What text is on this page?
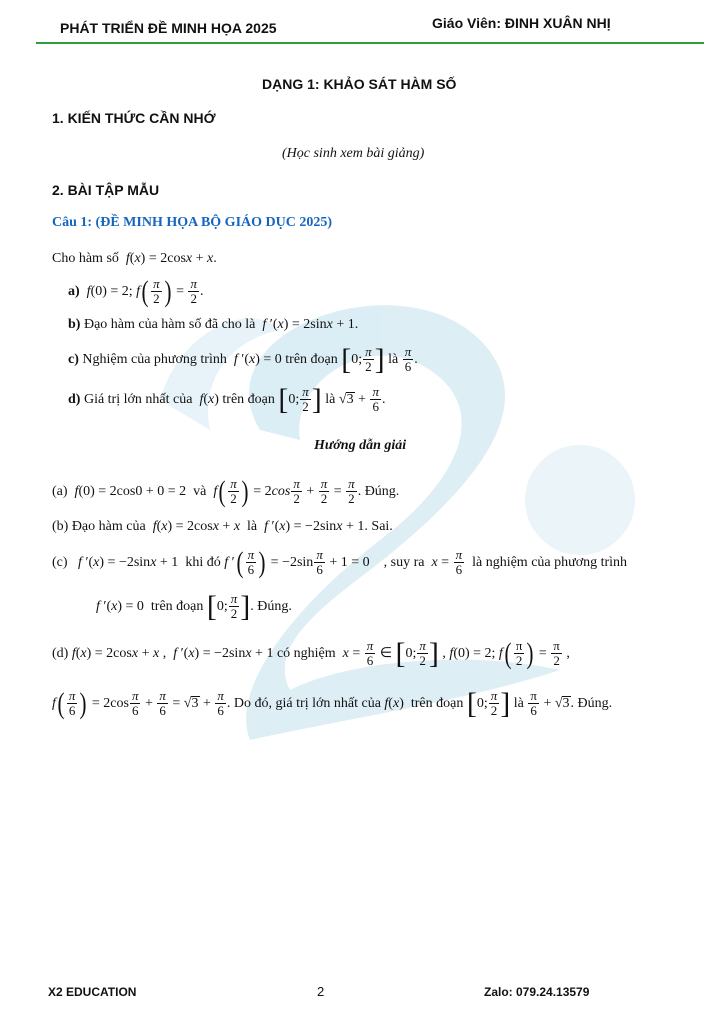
PHÁT TRIỂN ĐỀ MINH HỌA 2025	Giáo Viên: ĐINH XUÂN NHỊ
DẠNG 1: KHẢO SÁT HÀM SỐ
1. KIẾN THỨC CẦN NHỚ
(Học sinh xem bài giảng)
2. BÀI TẬP MẪU
Câu 1: (ĐỀ MINH HỌA BỘ GIÁO DỤC 2025)
Cho hàm số f(x) = 2cosx + x.
a) f(0) = 2; $f( \frac{\pi}{2}$ ) = $\frac{\pi}{2}$ .
b) Đạo hàm của hàm số đã cho là f ′(x) = 2sinx + 1.
c) Nghiệm của phương trình f ′(x) = 0 trên đoạn [0; $\frac{\pi}{2}$ ] là $\frac{\pi}{6}$ .
d) Giá trị lớn nhất của f(x) trên đoạn [0; $\frac{\pi}{2}$ ] là $√3 + \frac{\pi}{6}$ .
Hướng dẫn giải
(a) f(0) = 2cos0 + 0 = 2  và $f( \frac{\pi}{2}$ ) = $2\cos \frac{\pi}{2} + \frac{\pi}{2} = \frac{\pi}{2}$ . Đúng.
(b) Đạo hàm của f(x) = 2cosx + x là f ′(x) = −2sinx + 1. Sai.
(c) f ′(x) = −2sinx + 1  khi đó f ′( $\frac{\pi}{6}$ ) = $-2\sin \frac{\pi}{6} + 1 = 0$    , suy ra $x = \frac{\pi}{6}$ là nghiệm của phương trình
f ′(x) = 0  trên đoạn [0; $\frac{\pi}{2}$ ]. Đúng.
(d) f(x) = 2cosx + x ,  f ′(x) = −2sinx + 1 có nghiệm $x = \frac{\pi}{6}$ ∈ [0; $\frac{\pi}{2}$ ] , f(0) = 2; $f( \frac{\pi}{2}$ ) = $\frac{\pi}{2}$ ,
$f( \frac{\pi}{6}$ ) = $2\cos \frac{\pi}{6} + \frac{\pi}{6} = √3 + \frac{\pi}{6}$ . Do đó, giá trị lớn nhất của f(x)  trên đoạn [0; $\frac{\pi}{2}$ ] là $\frac{\pi}{6} + √3$. Đúng.
X2 EDUCATION	2	Zalo: 079.24.13579
